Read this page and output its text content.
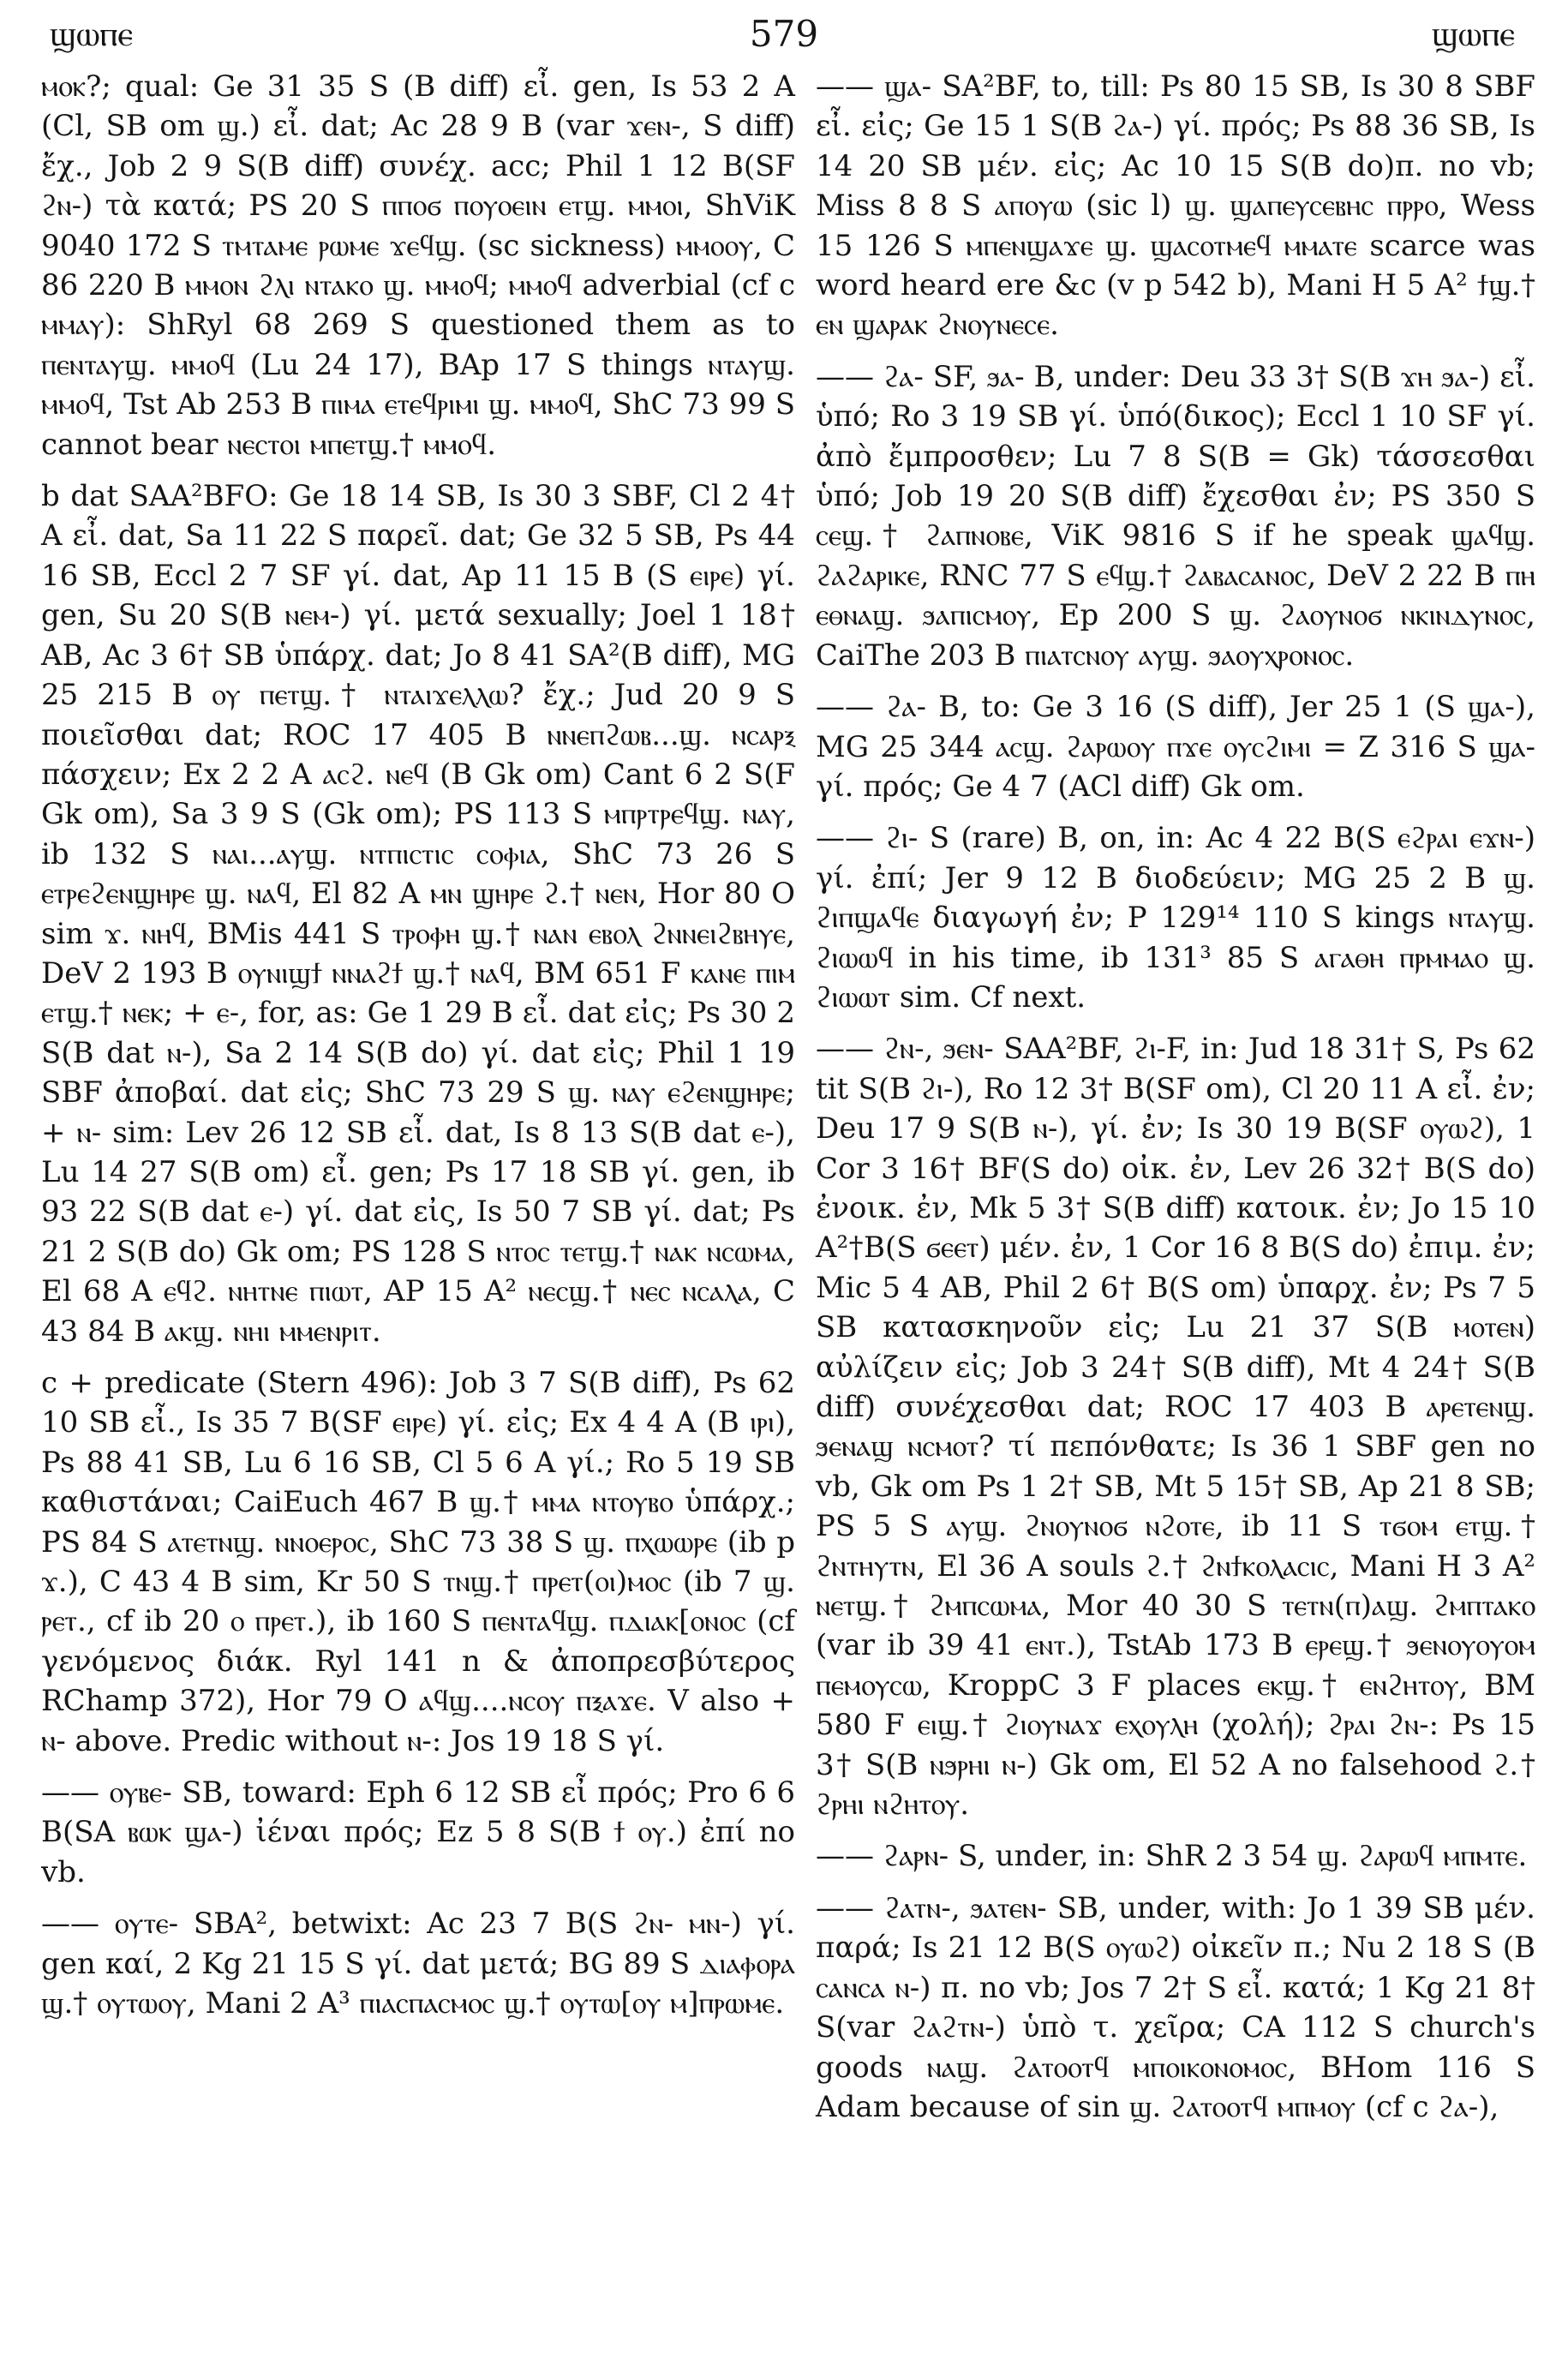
ϣⲱⲡⲉ	579	ϣⲱⲡⲉ

ⲙⲟⲕ?; qual: Ge 31 35 S (B diff) εἶ. gen, Is 53 2 A (Cl, SB om ϣ.) εἶ. dat; Ac 28 9 B (var ϫⲉⲛ-, S diff) ἔχ., Job 2 9 S(B diff) συνέχ. acc; Phil 1 12 B(SF ϩⲛ-) τὰ κατά; PS 20 S ⲡⲡⲟϭ ⲡⲟⲩⲟⲉⲓⲛ ⲉⲧϣ. ⲙⲙⲟⲓ, ShViK 9040 172 S ⲧⲙⲧⲁⲙⲉ ⲣⲱⲙⲉ ϫⲉϥϣ. (sc sickness) ⲙⲙⲟⲟⲩ, C 86 220 B ⲙⲙⲟⲛ ϩⲗⲓ ⲛⲧⲁⲕⲟ ϣ. ⲙⲙⲟϥ; ⲙⲙⲟϥ adverbial (cf c ⲙⲙⲁⲩ): ShRyl 68 269 S questioned them as to ⲡⲉⲛⲧⲁⲩϣ. ⲙⲙⲟϥ (Lu 24 17), BAp 17 S things ⲛⲧⲁⲩϣ. ⲙⲙⲟϥ, Tst Ab 253 B ⲡⲓⲙⲁ ⲉⲧⲉϥⲣⲓⲙⲓ ϣ. ⲙⲙⲟϥ, ShC 73 99 S cannot bear ⲛⲉⲥⲧⲟⲓ ⲙⲡⲉⲧϣ.† ⲙⲙⲟϥ.

b dat SAA²BFO: Ge 18 14 SB, Is 30 3 SBF, Cl 2 4† A εἶ. dat, Sa 11 22 S παρεῖ. dat; Ge 32 5 SB, Ps 44 16 SB, Eccl 2 7 SF γί. dat, Ap 11 15 B (S ⲉⲓⲣⲉ) γί. gen, Su 20 S(B ⲛⲉⲙ-) γί. μετά sexually; Joel 1 18† AB, Ac 3 6† SB ὑπάρχ. dat; Jo 8 41 SA²(B diff), MG 25 215 B ⲟⲩ ⲡⲉⲧϣ.† ⲛⲧⲁⲓϫⲉⲗⲗⲱ? ἔχ.; Jud 20 9 S ποιεῖσθαι dat; ROC 17 405 B ⲛⲛⲉⲡϩⲱⲃ...ϣ. ⲛⲥⲁⲣⲝ πάσχειν; Ex 2 2 A ⲁⲥϩ. ⲛⲉϥ (B Gk om) Cant 6 2 S(F Gk om), Sa 3 9 S (Gk om); PS 113 S ⲙⲡⲣⲧⲣⲉϥϣ. ⲛⲁⲩ, ib 132 S ⲛⲁⲓ...ⲁⲩϣ. ⲛⲧⲡⲓⲥⲧⲓⲥ ⲥⲟⲫⲓⲁ, ShC 73 26 S ⲉⲧⲣⲉϩⲉⲛϣⲏⲣⲉ ϣ. ⲛⲁϥ, El 82 A ⲙⲛ ϣⲏⲣⲉ ϩ.† ⲛⲉⲛ, Hor 80 O sim ϫ. ⲛⲏϥ, BMis 441 S ⲧⲣⲟⲫⲏ ϣ.† ⲛⲁⲛ ⲉⲃⲟⲗ ϩⲛⲛⲉⲓϩⲃⲏⲩⲉ, DeV 2 193 B ⲟⲩⲛⲓϣϯ ⲛⲛⲁϩϯ ϣ.† ⲛⲁϥ, BM 651 F ⲕⲁⲛⲉ ⲡⲓⲙ ⲉⲧϣ.† ⲛⲉⲕ; + ⲉ-, for, as: Ge 1 29 B εἶ. dat εἰς; Ps 30 2 S(B dat ⲛ-), Sa 2 14 S(B do) γί. dat εἰς; Phil 1 19 SBF ἀποβαί. dat εἰς; ShC 73 29 S ϣ. ⲛⲁⲩ ⲉϩⲉⲛϣⲏⲣⲉ; + ⲛ- sim: Lev 26 12 SB εἶ. dat, Is 8 13 S(B dat ⲉ-), Lu 14 27 S(B om) εἶ. gen; Ps 17 18 SB γί. gen, ib 93 22 S(B dat ⲉ-) γί. dat εἰς, Is 50 7 SB γί. dat; Ps 21 2 S(B do) Gk om; PS 128 S ⲛⲧⲟⲥ ⲧⲉⲧϣ.† ⲛⲁⲕ ⲛⲥⲱⲙⲁ, El 68 A ⲉϥϩ. ⲛⲏⲧⲛⲉ ⲡⲓⲱⲧ, AP 15 A² ⲛⲉⲥϣ.† ⲛⲉⲥ ⲛⲥⲁⲗⲁ, C 43 84 B ⲁⲕϣ. ⲛⲏⲓ ⲙⲙⲉⲛⲣⲓⲧ.

c + predicate (Stern 496): Job 3 7 S(B diff), Ps 62 10 SB εἶ., Is 35 7 B(SF ⲉⲓⲣⲉ) γί. εἰς; Ex 4 4 A (B ⲓⲣⲓ), Ps 88 41 SB, Lu 6 16 SB, Cl 5 6 A γί.; Ro 5 19 SB καθιστάναι; CaiEuch 467 B ϣ.† ⲙⲙⲁ ⲛⲧⲟⲩⲃⲟ ὑπάρχ.; PS 84 S ⲁⲧⲉⲧⲛϣ. ⲛⲛⲟⲉⲣⲟⲥ, ShC 73 38 S ϣ. ⲡⲭⲱⲱⲣⲉ (ib p ϫ.), C 43 4 B sim, Kr 50 S ⲧⲛϣ.† ⲡⲣⲉⲧ(ⲟⲓ)ⲙⲟⲥ (ib 7 ϣ. ⲣⲉⲧ., cf ib 20 ⲟ ⲡⲣⲉⲧ.), ib 160 S ⲡⲉⲛⲧⲁϥϣ. ⲡⲇⲓⲁⲕ[ⲟⲛⲟⲥ (cf γενόμενος διάκ. Ryl 141 n & ἀποπρεσβύτερος RChamp 372), Hor 79 O ⲁϥϣ....ⲛⲥⲟⲩ ⲡⲝⲁϫⲉ. V also + ⲛ- above. Predic without ⲛ-: Jos 19 18 S γί.

—— ⲟⲩⲃⲉ- SB, toward: Eph 6 12 SB εἶ πρός; Pro 6 6 B(SA ⲃⲱⲕ ϣⲁ-) ἰέναι πρός; Ez 5 8 S(B ϯ ⲟⲩ.) ἐπί no vb.

—— ⲟⲩⲧⲉ- SBA², betwixt: Ac 23 7 B(S ϩⲛ- ⲙⲛ-) γί. gen καί, 2 Kg 21 15 S γί. dat μετά; BG 89 S ⲇⲓⲁⲫⲟⲣⲁ ϣ.† ⲟⲩⲧⲱⲟⲩ, Mani 2 A³ ⲡⲓⲁⲥⲡⲁⲥⲙⲟⲥ ϣ.† ⲟⲩⲧⲱ[ⲟⲩ ⲙ]ⲡⲣⲱⲙⲉ.

—— ϣⲁ- SA²BF, to, till: Ps 80 15 SB, Is 30 8 SBF εἶ. εἰς; Ge 15 1 S(B ϩⲁ-) γί. πρός; Ps 88 36 SB, Is 14 20 SB μέν. εἰς; Ac 10 15 S(B do)π. no vb; Miss 8 8 S ⲁⲡⲟⲩⲱ (sic l) ϣ. ϣⲁⲡⲉⲩⲥⲉⲃⲏⲥ ⲡⲣⲣⲟ, Wess 15 126 S ⲙⲡⲉⲛϣⲁϫⲉ ϣ. ϣⲁⲥⲟⲧⲙⲉϥ ⲙⲙⲁⲧⲉ scarce was word heard ere &c (v p 542 b), Mani H 5 A² ϯϣ.† ⲉⲛ ϣⲁⲣⲁⲕ ϩⲛⲟⲩⲛⲉⲥⲉ.

—— ϩⲁ- SF, ϧⲁ- B, under: Deu 33 3† S(B ϫⲏ ϧⲁ-) εἶ. ὑπό; Ro 3 19 SB γί. ὑπό(δικος); Eccl 1 10 SF γί. ἀπὸ ἔμπροσθεν; Lu 7 8 S(B = Gk) τάσσεσθαι ὑπό; Job 19 20 S(B diff) ἔχεσθαι ἐν; PS 350 S ⲥⲉϣ.† ϩⲁⲡⲛⲟⲃⲉ, ViK 9816 S if he speak ϣⲁϥϣ. ϩⲁϩⲁⲣⲓⲕⲉ, RNC 77 S ⲉϥϣ.† ϩⲁⲃⲁⲥⲁⲛⲟⲥ, DeV 2 22 B ⲡⲏ ⲉⲑⲛⲁϣ. ϧⲁⲡⲓⲥⲙⲟⲩ, Ep 200 S ϣ. ϩⲁⲟⲩⲛⲟϭ ⲛⲕⲓⲛⲇⲩⲛⲟⲥ, CaiThe 203 B ⲡⲓⲁⲧⲥⲛⲟⲩ ⲁⲩϣ. ϧⲁⲟⲩⲭⲣⲟⲛⲟⲥ.

—— ϩⲁ- B, to: Ge 3 16 (S diff), Jer 25 1 (S ϣⲁ-), MG 25 344 ⲁⲥϣ. ϩⲁⲣⲱⲟⲩ ⲡϫⲉ ⲟⲩⲥϩⲓⲙⲓ = Z 316 S ϣⲁ- γί. πρός; Ge 4 7 (ACl diff) Gk om.

—— ϩⲓ- S (rare) B, on, in: Ac 4 22 B(S ⲉϩⲣⲁⲓ ⲉϫⲛ-) γί. ἐπί; Jer 9 12 B διοδεύειν; MG 25 2 B ϣ. ϩⲓⲡϣⲁϥⲉ διαγωγή ἐν; P 129¹⁴ 110 S kings ⲛⲧⲁⲩϣ. ϩⲓⲱⲱϥ in his time, ib 131³ 85 S ⲁⲅⲁⲑⲏ ⲡⲣⲙⲙⲁⲟ ϣ. ϩⲓⲱⲱⲧ sim. Cf next.

—— ϩⲛ-, ϧⲉⲛ- SAA²BF, ϩⲓ-F, in: Jud 18 31† S, Ps 62 tit S(B ϩⲓ-), Ro 12 3† B(SF om), Cl 20 11 A εἶ. ἐν; Deu 17 9 S(B ⲛ-), γί. ἐν; Is 30 19 B(SF ⲟⲩⲱϩ), 1 Cor 3 16† BF(S do) οἰκ. ἐν, Lev 26 32† B(S do) ἐνοικ. ἐν, Mk 5 3† S(B diff) κατοικ. ἐν; Jo 15 10 A²†B(S ϭⲉⲉⲧ) μέν. ἐν, 1 Cor 16 8 B(S do) ἐπιμ. ἐν; Mic 5 4 AB, Phil 2 6† B(S om) ὑπαρχ. ἐν; Ps 7 5 SB κατασκηνοῦν εἰς; Lu 21 37 S(B ⲙⲟⲧⲉⲛ) αὐλίζειν εἰς; Job 3 24† S(B diff), Mt 4 24† S(B diff) συνέχεσθαι dat; ROC 17 403 B ⲁⲣⲉⲧⲉⲛϣ. ϧⲉⲛⲁϣ ⲛⲥⲙⲟⲧ? τί πεπόνθατε; Is 36 1 SBF gen no vb, Gk om Ps 1 2† SB, Mt 5 15† SB, Ap 21 8 SB; PS 5 S ⲁⲩϣ. ϩⲛⲟⲩⲛⲟϭ ⲛϩⲟⲧⲉ, ib 11 S ⲧϭⲟⲙ ⲉⲧϣ.† ϩⲛⲧⲏⲩⲧⲛ, El 36 A souls ϩ.† ϩⲛϯⲕⲟⲗⲁⲥⲓⲥ, Mani H 3 A² ⲛⲉⲧϣ.† ϩⲙⲡⲥⲱⲙⲁ, Mor 40 30 S ⲧⲉⲧⲛ(ⲡ)ⲁϣ. ϩⲙⲡⲧⲁⲕⲟ (var ib 39 41 ⲉⲛⲧ.), TstAb 173 B ⲉⲣⲉϣ.† ϧⲉⲛⲟⲩⲟⲩⲟⲙ ⲡⲉⲙⲟⲩⲥⲱ, KroppC 3 F places ⲉⲕϣ.† ⲉⲛϩⲏⲧⲟⲩ, BM 580 F ⲉⲓϣ.† ϩⲓⲟⲩⲛⲁϫ ⲉⲭⲟⲩⲗⲏ (χολή); ϩⲣⲁⲓ ϩⲛ-: Ps 15 3† S(B ⲛϧⲣⲏⲓ ⲛ-) Gk om, El 52 A no falsehood ϩ.† ϩⲣⲏⲓ ⲛϩⲏⲧⲟⲩ.

—— ϩⲁⲣⲛ- S, under, in: ShR 2 3 54 ϣ. ϩⲁⲣⲱϥ ⲙⲡⲙⲧⲉ.

—— ϩⲁⲧⲛ-, ϧⲁⲧⲉⲛ- SB, under, with: Jo 1 39 SB μέν. παρά; Is 21 12 B(S ⲟⲩⲱϩ) οἰκεῖν π.; Nu 2 18 S (B ⲥⲁⲛⲥⲁ ⲛ-) π. no vb; Jos 7 2† S εἶ. κατά; 1 Kg 21 8† S(var ϩⲁϩⲧⲛ-) ὑπὸ τ. χεῖρα; CA 112 S church's goods ⲛⲁϣ. ϩⲁⲧⲟⲟⲧϥ ⲙⲡⲟⲓⲕⲟⲛⲟⲙⲟⲥ, BHom 116 S Adam because of sin ϣ. ϩⲁⲧⲟⲟⲧϥ ⲙⲡⲙⲟⲩ (cf c ϩⲁ-),
